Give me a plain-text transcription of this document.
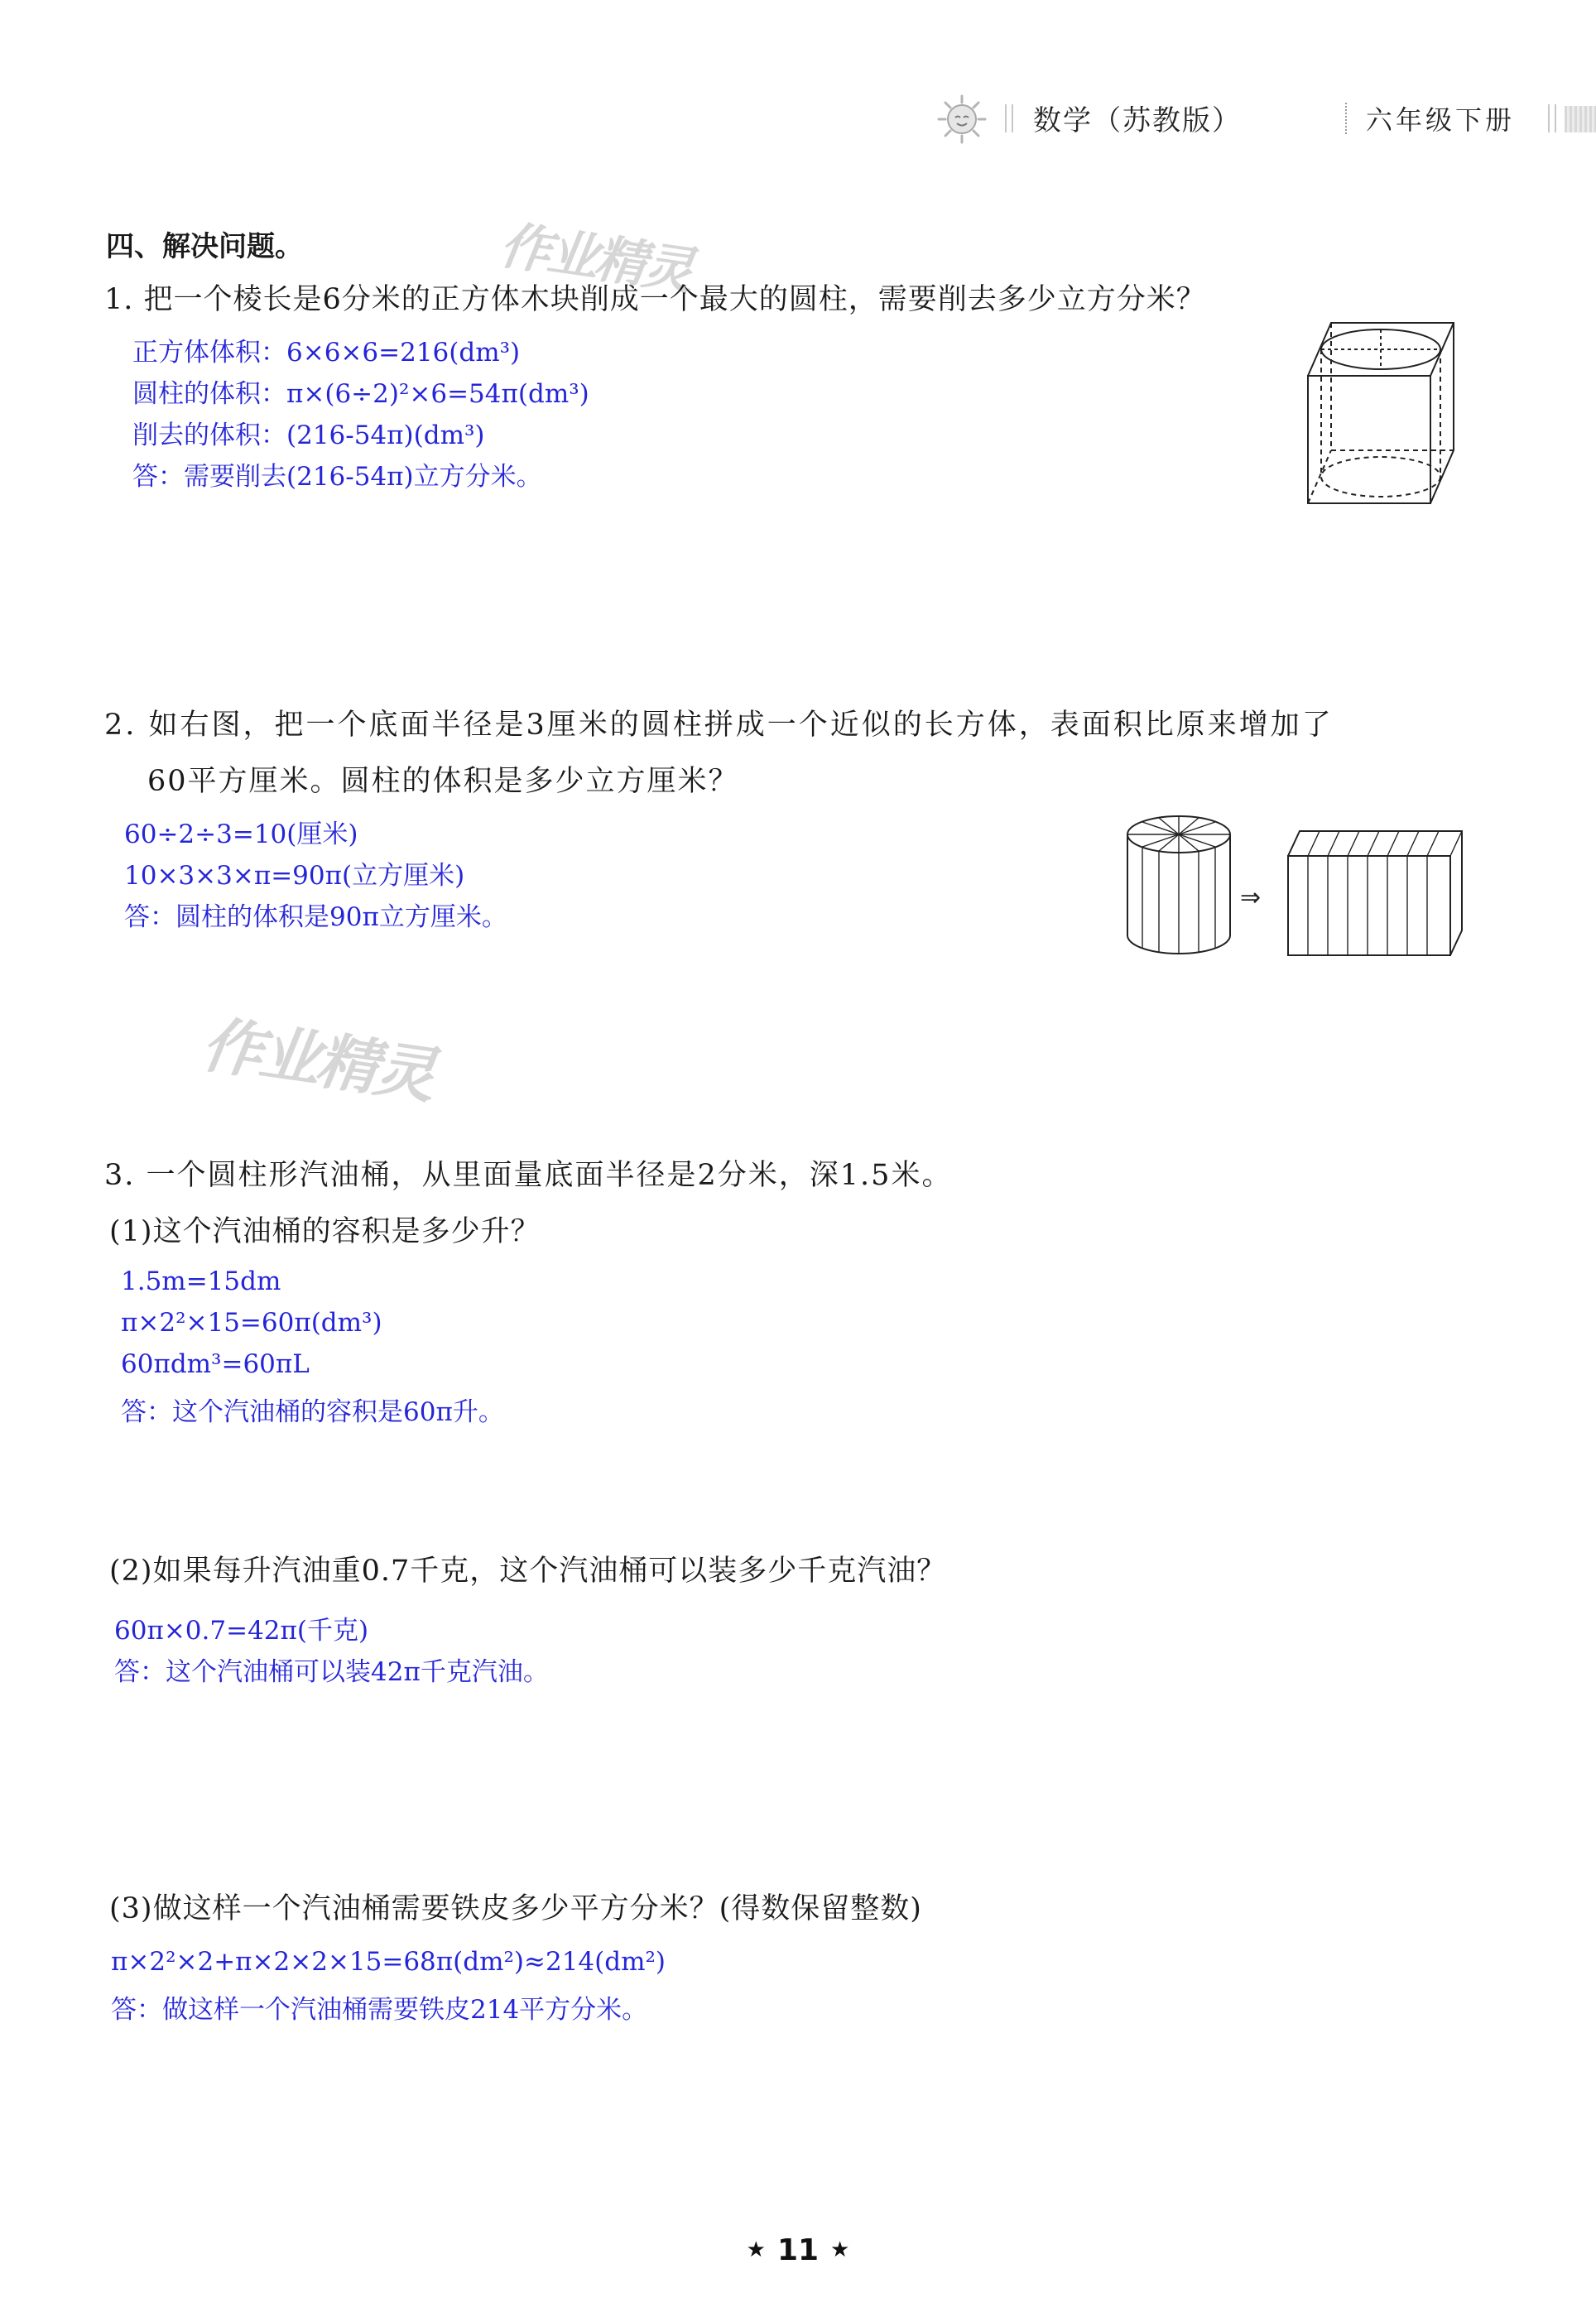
数学（苏教版）	六年级下册
作业精灵
作业精灵
四、解决问题。
1. 把一个棱长是6分米的正方体木块削成一个最大的圆柱，需要削去多少立方分米？
正方体体积：6×6×6=216(dm³)
圆柱的体积：π×(6÷2)²×6=54π(dm³)
削去的体积：(216-54π)(dm³)
答：需要削去(216-54π)立方分米。
2. 如右图，把一个底面半径是3厘米的圆柱拼成一个近似的长方体，表面积比原来增加了
60平方厘米。圆柱的体积是多少立方厘米？
60÷2÷3=10(厘米)
10×3×3×π=90π(立方厘米)
答：圆柱的体积是90π立方厘米。
⇒
3. 一个圆柱形汽油桶，从里面量底面半径是2分米，深1.5米。
(1)这个汽油桶的容积是多少升？
1.5m=15dm
π×2²×15=60π(dm³)
60πdm³=60πL
答：这个汽油桶的容积是60π升。
(2)如果每升汽油重0.7千克，这个汽油桶可以装多少千克汽油？
60π×0.7=42π(千克)
答：这个汽油桶可以装42π千克汽油。
(3)做这样一个汽油桶需要铁皮多少平方分米？(得数保留整数)
π×2²×2+π×2×2×15=68π(dm²)≈214(dm²)
答：做这样一个汽油桶需要铁皮214平方分米。
★ 11 ★
